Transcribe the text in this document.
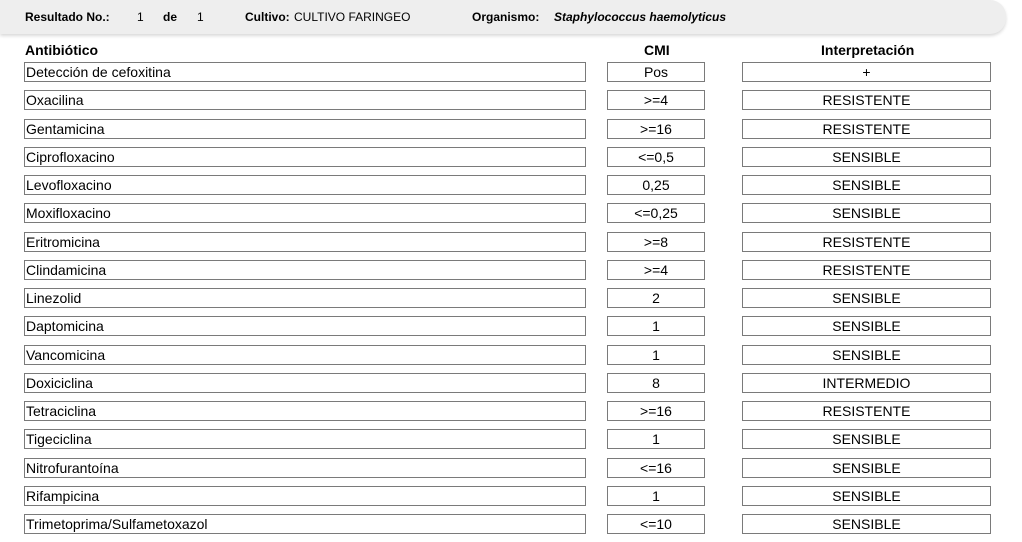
Resultado No.: 1 de 1	Cultivo: CULTIVO FARINGEO	Organismo: Staphylococcus haemolyticus
Antibiótico	CMI	Interpretación
Detección de cefoxitina	Pos	+
Oxacilina	>=4	RESISTENTE
Gentamicina	>=16	RESISTENTE
Ciprofloxacino	<=0,5	SENSIBLE
Levofloxacino	0,25	SENSIBLE
Moxifloxacino	<=0,25	SENSIBLE
Eritromicina	>=8	RESISTENTE
Clindamicina	>=4	RESISTENTE
Linezolid	2	SENSIBLE
Daptomicina	1	SENSIBLE
Vancomicina	1	SENSIBLE
Doxiciclina	8	INTERMEDIO
Tetraciclina	>=16	RESISTENTE
Tigeciclina	1	SENSIBLE
Nitrofurantoína	<=16	SENSIBLE
Rifampicina	1	SENSIBLE
Trimetoprima/Sulfametoxazol	<=10	SENSIBLE
